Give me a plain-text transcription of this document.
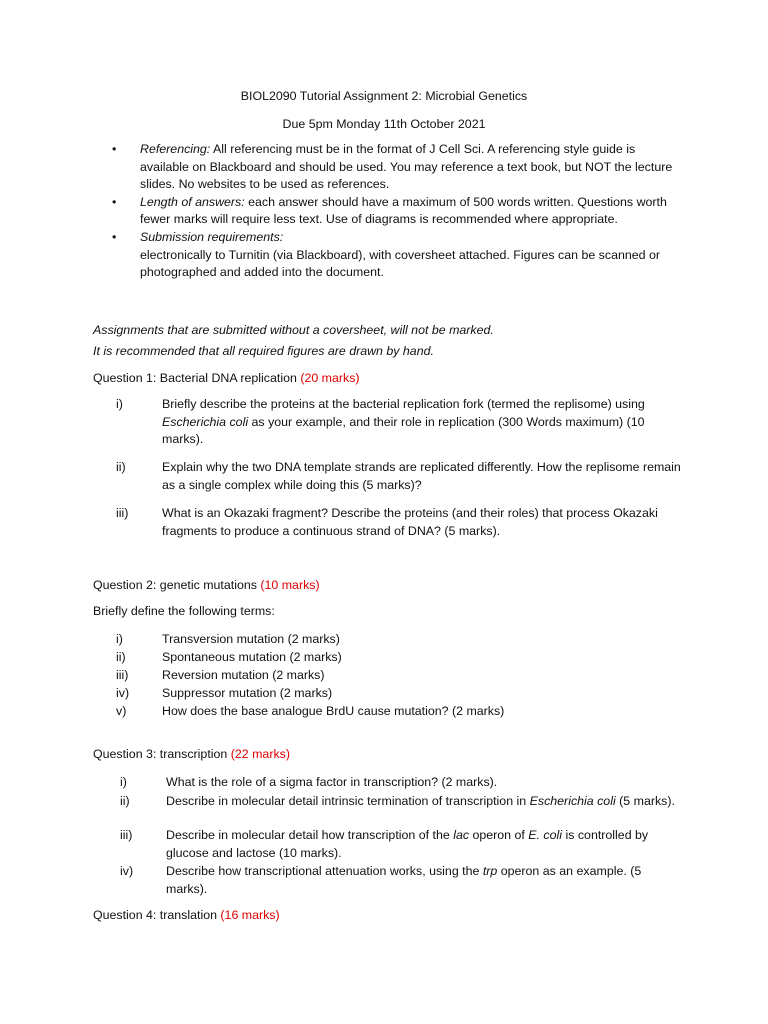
BIOL2090 Tutorial Assignment 2: Microbial Genetics
Due 5pm Monday 11th October 2021
• Referencing: All referencing must be in the format of J Cell Sci. A referencing style guide is available on Blackboard and should be used. You may reference a text book, but NOT the lecture slides. No websites to be used as references.
• Length of answers: each answer should have a maximum of 500 words written. Questions worth fewer marks will require less text. Use of diagrams is recommended where appropriate.
• Submission requirements:
electronically to Turnitin (via Blackboard), with coversheet attached. Figures can be scanned or photographed and added into the document.
Assignments that are submitted without a coversheet, will not be marked.
It is recommended that all required figures are drawn by hand.
Question 1: Bacterial DNA replication (20 marks)
i)	Briefly describe the proteins at the bacterial replication fork (termed the replisome) using Escherichia coli as your example, and their role in replication (300 Words maximum) (10 marks).
ii)	Explain why the two DNA template strands are replicated differently. How the replisome remain as a single complex while doing this (5 marks)?
iii)	What is an Okazaki fragment? Describe the proteins (and their roles) that process Okazaki fragments to produce a continuous strand of DNA? (5 marks).
Question 2: genetic mutations (10 marks)
Briefly define the following terms:
i)	Transversion mutation (2 marks)
ii)	Spontaneous mutation (2 marks)
iii)	Reversion mutation (2 marks)
iv)	Suppressor mutation (2 marks)
v)	How does the base analogue BrdU cause mutation? (2 marks)
Question 3: transcription (22 marks)
i)	What is the role of a sigma factor in transcription? (2 marks).
ii)	Describe in molecular detail intrinsic termination of transcription in Escherichia coli (5 marks).
iii)	Describe in molecular detail how transcription of the lac operon of E. coli is controlled by glucose and lactose (10 marks).
iv)	Describe how transcriptional attenuation works, using the trp operon as an example. (5 marks).
Question 4: translation (16 marks)
